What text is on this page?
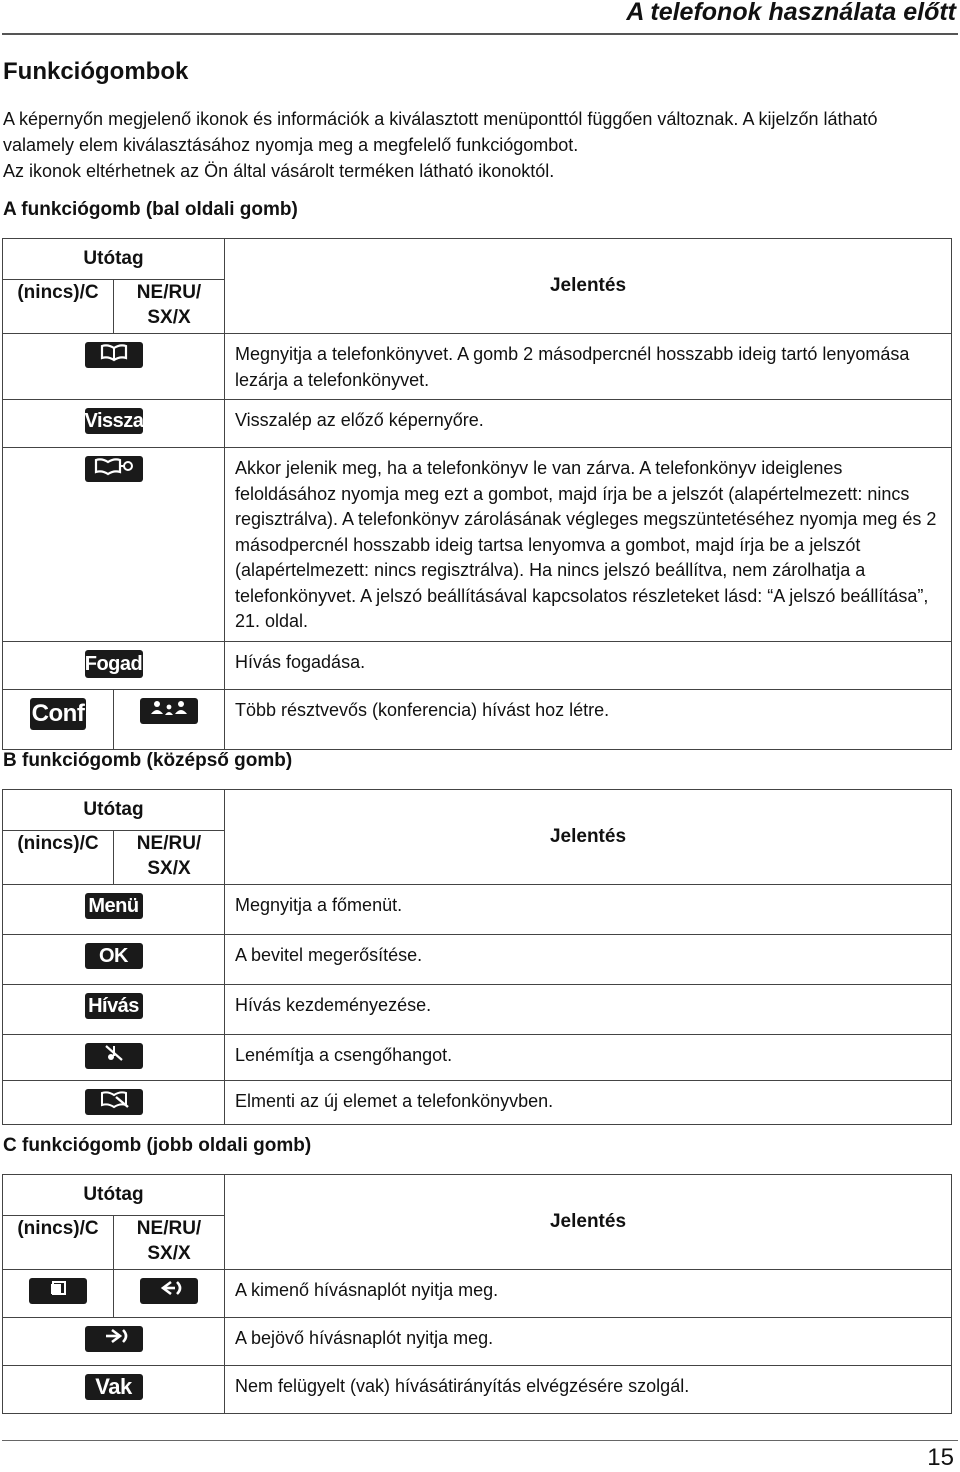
A telefonok használata előtt
Funkciógombok
A képernyőn megjelenő ikonok és információk a kiválasztott menüponttól függően változnak. A kijelzőn látható
valamely elem kiválasztásához nyomja meg a megfelelő funkciógombot.
Az ikonok eltérhetnek az Ön által vásárolt terméken látható ikonoktól.
A funkciógomb (bal oldali gomb)
Utótag		Jelentés
(nincs)/C	NE/RU/
SX/X	

	Megnyitja a telefonkönyvet. A gomb 2 másodpercnél hosszabb ideig tartó lenyomása lezárja a telefonkönyvet.
Vissza		Visszalép az előző képernyőre.
	Akkor jelenik meg, ha a telefonkönyv le van zárva. A telefonkönyv ideiglenes feloldásához nyomja meg ezt a gombot, majd írja be a jelszót (alapértelmezett: nincs regisztrálva). A telefonkönyv zárolásának végleges megszüntetéséhez nyomja meg és 2 másodpercnél hosszabb ideig tartsa lenyomva a gombot, majd írja be a jelszót (alapértelmezett: nincs regisztrálva). Ha nincs jelszó beállítva, nem zárolhatja a telefonkönyvet. A jelszó beállításával kapcsolatos részleteket lásd: “A jelszó beállítása”, 21. oldal.
Fogad		Hívás fogadása.
Conf		Több résztvevős (konferencia) hívást hoz létre.
B funkciógomb (középső gomb)
Utótag		Jelentés
(nincs)/C	NE/RU/
SX/X	

Menü		Megnyitja a főmenüt.
OK		A bevitel megerősítése.
Hívás		Hívás kezdeményezése.
	Lenémítja a csengőhangot.
	Elmenti az új elemet a telefonkönyvben.
C funkciógomb (jobb oldali gomb)
Utótag		Jelentés
(nincs)/C	NE/RU/
SX/X	

		A kimenő hívásnaplót nyitja meg.
	A bejövő hívásnaplót nyitja meg.
Vak		Nem felügyelt (vak) hívásátirányítás elvégzésére szolgál.
15
